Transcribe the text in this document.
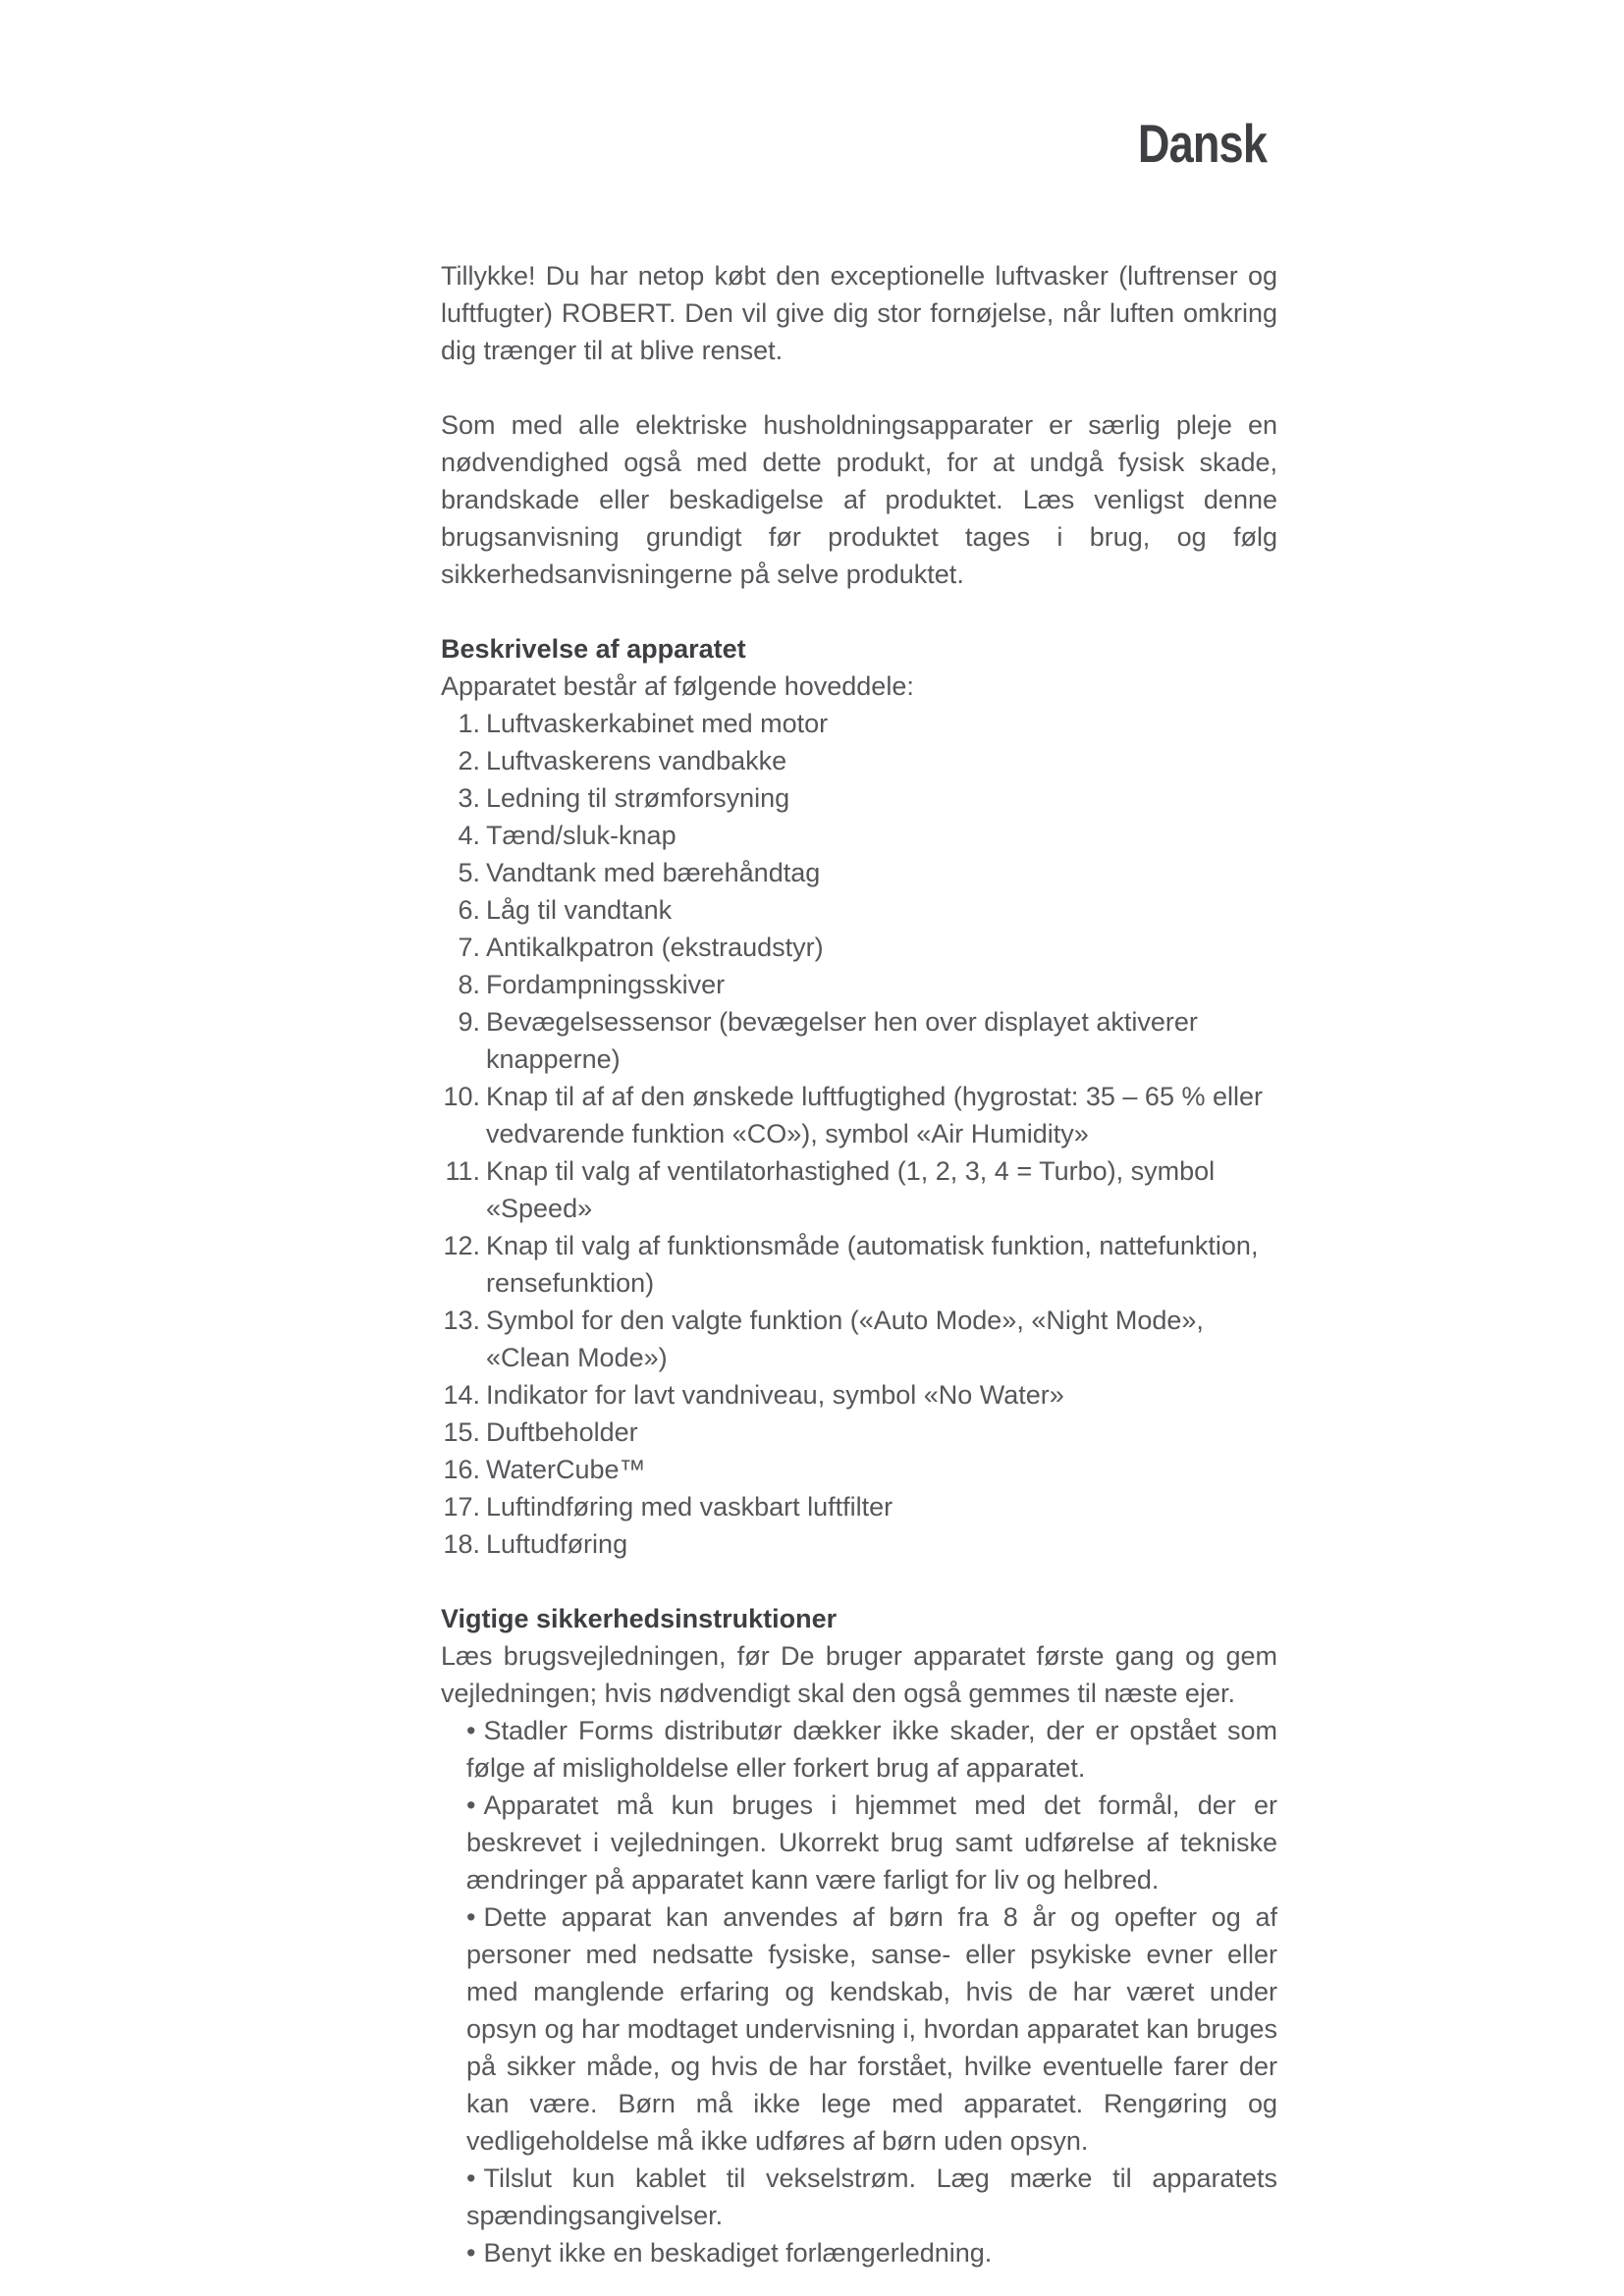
Dansk

Tillykke! Du har netop købt den exceptionelle luftvasker (luftrenser og luftfugter) ROBERT. Den vil give dig stor fornøjelse, når luften omkring dig trænger til at blive renset.

Som med alle elektriske husholdningsapparater er særlig pleje en nødvendighed også med dette produkt, for at undgå fysisk skade, brandskade eller beskadigelse af produktet. Læs venligst denne brugsanvisning grundigt før produktet tages i brug, og følg sikkerhedsanvisningerne på selve produktet.

Beskrivelse af apparatet

Apparatet består af følgende hoveddele:

1. Luftvaskerkabinet med motor
2. Luftvaskerens vandbakke
3. Ledning til strømforsyning
4. Tænd/sluk-knap
5. Vandtank med bærehåndtag
6. Låg til vandtank
7. Antikalkpatron (ekstraudstyr)
8. Fordampningsskiver
9. Bevægelsessensor (bevægelser hen over displayet aktiverer knapperne)
10. Knap til af af den ønskede luftfugtighed (hygrostat: 35 – 65 % eller vedvarende funktion «CO»), symbol «Air Humidity»
11. Knap til valg af ventilatorhastighed (1, 2, 3, 4 = Turbo), symbol «Speed»
12. Knap til valg af funktionsmåde (automatisk funktion, nattefunktion, rensefunktion)
13. Symbol for den valgte funktion («Auto Mode», «Night Mode», «Clean Mode»)
14. Indikator for lavt vandniveau, symbol «No Water»
15. Duftbeholder
16. WaterCube™
17. Luftindføring med vaskbart luftfilter
18. Luftudføring

Vigtige sikkerhedsinstruktioner

Læs brugsvejledningen, før De bruger apparatet første gang og gem vejledningen; hvis nødvendigt skal den også gemmes til næste ejer.

• Stadler Forms distributør dækker ikke skader, der er opstået som følge af misligholdelse eller forkert brug af apparatet.
• Apparatet må kun bruges i hjemmet med det formål, der er beskrevet i vejledningen. Ukorrekt brug samt udførelse af tekniske ændringer på apparatet kann være farligt for liv og helbred.
• Dette apparat kan anvendes af børn fra 8 år og opefter og af personer med nedsatte fysiske, sanse- eller psykiske evner eller med manglende erfaring og kendskab, hvis de har været under opsyn og har modtaget undervisning i, hvordan apparatet kan bruges på sikker måde, og hvis de har forstået, hvilke eventuelle farer der kan være. Børn må ikke lege med apparatet. Rengøring og vedligeholdelse må ikke udføres af børn uden opsyn.
• Tilslut kun kablet til vekselstrøm. Læg mærke til apparatets spændingsangivelser.
• Benyt ikke en beskadiget forlængerledning.
